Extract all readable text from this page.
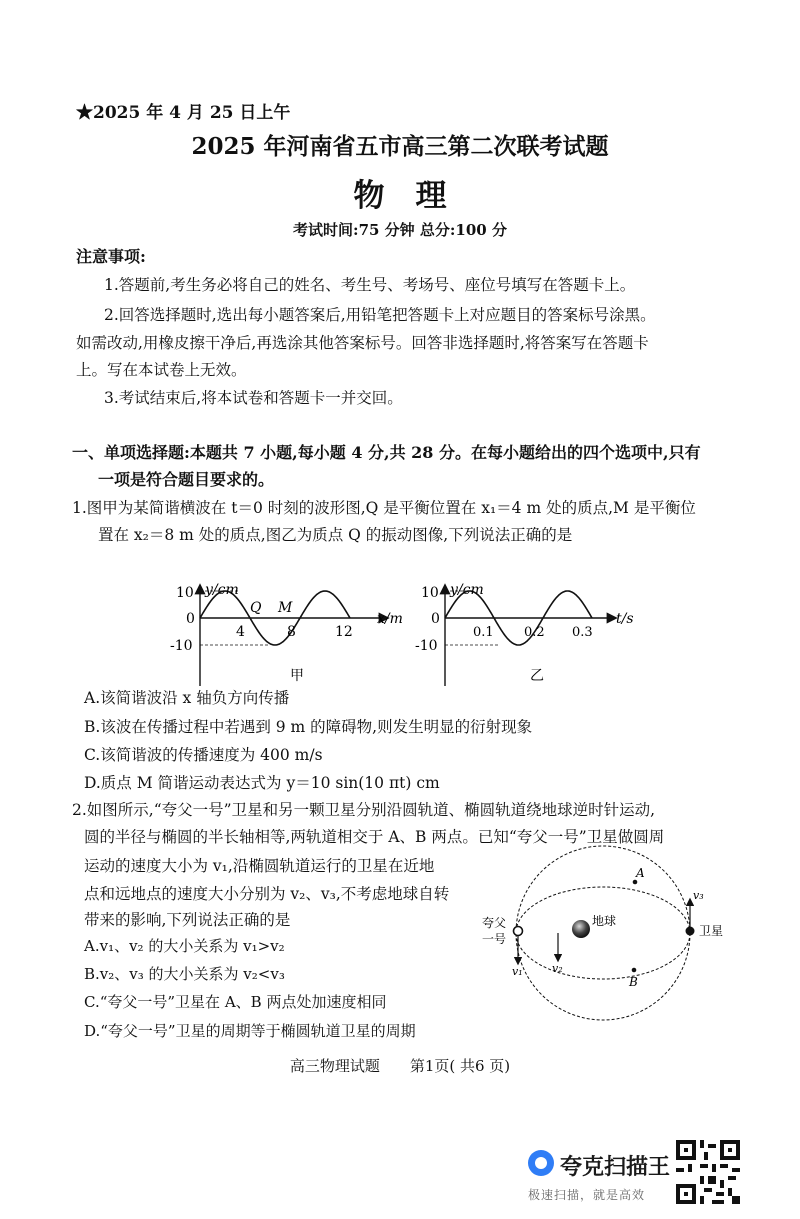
★2025 年 4 月 25 日上午
2025 年河南省五市高三第二次联考试题
物　理
考试时间:75 分钟 总分:100 分
注意事项:
1.答题前,考生务必将自己的姓名、考生号、考场号、座位号填写在答题卡上。
2.回答选择题时,选出每小题答案后,用铅笔把答题卡上对应题目的答案标号涂黑。
如需改动,用橡皮擦干净后,再选涂其他答案标号。回答非选择题时,将答案写在答题卡
上。写在本试卷上无效。
3.考试结束后,将本试卷和答题卡一并交回。
一、单项选择题:本题共 7 小题,每小题 4 分,共 28 分。在每小题给出的四个选项中,只有
一项是符合题目要求的。
1.图甲为某简谐横波在 t＝0 时刻的波形图,Q 是平衡位置在 x₁＝4 m 处的质点,M 是平衡位
置在 x₂＝8 m 处的质点,图乙为质点 Q 的振动图像,下列说法正确的是
y/cm
x/m
10
0
-10
4	8	12
Q M
甲
y/cm
t/s
10
0
-10
0.1 0.2 0.3
乙
A.该简谐波沿 x 轴负方向传播
B.该波在传播过程中若遇到 9 m 的障碍物,则发生明显的衍射现象
C.该简谐波的传播速度为 400 m/s
D.质点 M 简谐运动表达式为 y＝10 sin(10 πt) cm
2.如图所示,“夸父一号”卫星和另一颗卫星分别沿圆轨道、椭圆轨道绕地球逆时针运动,
圆的半径与椭圆的半长轴相等,两轨道相交于 A、B 两点。已知“夸父一号”卫星做圆周
运动的速度大小为 v₁,沿椭圆轨道运行的卫星在近地
点和远地点的速度大小分别为 v₂、v₃,不考虑地球自转
带来的影响,下列说法正确的是
A.v₁、v₂ 的大小关系为 v₁>v₂
B.v₂、v₃ 的大小关系为 v₂<v₃
C.“夸父一号”卫星在 A、B 两点处加速度相同
D.“夸父一号”卫星的周期等于椭圆轨道卫星的周期
夸父
一号
地球
卫星
A
B
v₁	v₂
v₃
高三物理试题　　第1页( 共6 页)
夸克扫描王
极速扫描，就是高效
